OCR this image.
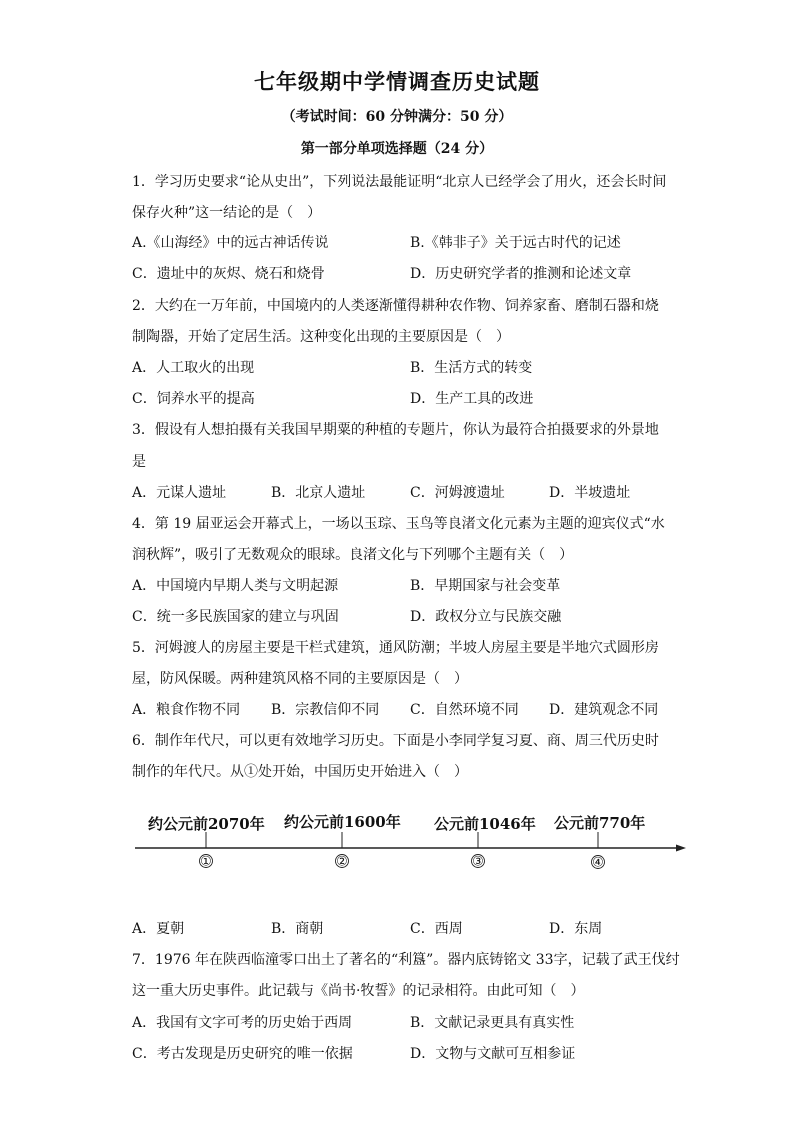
七年级期中学情调查历史试题
（考试时间：60 分钟满分：50 分）
第一部分单项选择题（24 分）
1．学习历史要求“论从史出”，下列说法最能证明“北京人已经学会了用火，还会长时间
保存火种”这一结论的是（　）
A.《山海经》中的远古神话传说	B.《韩非子》关于远古时代的记述
C．遗址中的灰烬、烧石和烧骨	D．历史研究学者的推测和论述文章
2．大约在一万年前，中国境内的人类逐渐懂得耕种农作物、饲养家畜、磨制石器和烧
制陶器，开始了定居生活。这种变化出现的主要原因是（　）
A．人工取火的出现	B．生活方式的转变
C．饲养水平的提高	D．生产工具的改进
3．假设有人想拍摄有关我国早期粟的种植的专题片，你认为最符合拍摄要求的外景地
是
A．元谋人遗址	B．北京人遗址	C．河姆渡遗址	D．半坡遗址
4．第 19 届亚运会开幕式上，一场以玉琮、玉鸟等良渚文化元素为主题的迎宾仪式“水
润秋辉”，吸引了无数观众的眼球。良渚文化与下列哪个主题有关（　）
A．中国境内早期人类与文明起源	B．早期国家与社会变革
C．统一多民族国家的建立与巩固	D．政权分立与民族交融
5．河姆渡人的房屋主要是干栏式建筑，通风防潮；半坡人房屋主要是半地穴式圆形房
屋，防风保暖。两种建筑风格不同的主要原因是（　）
A．粮食作物不同 B．宗教信仰不同 C．自然环境不同 D．建筑观念不同
6．制作年代尺，可以更有效地学习历史。下面是小李同学复习夏、商、周三代历史时
制作的年代尺。从①处开始，中国历史开始进入（　）
约公元前2070年
①
约公元前1600年
②
公元前1046年
③
公元前770年
④
A．夏朝	B．商朝	C．西周	D．东周
7．1976 年在陕西临潼零口出土了著名的“利簋”。器内底铸铭文 33字，记载了武王伐纣
这一重大历史事件。此记载与《尚书·牧誓》的记录相符。由此可知（　）
A．我国有文字可考的历史始于西周	B．文献记录更具有真实性
C．考古发现是历史研究的唯一依据	D．文物与文献可互相参证
